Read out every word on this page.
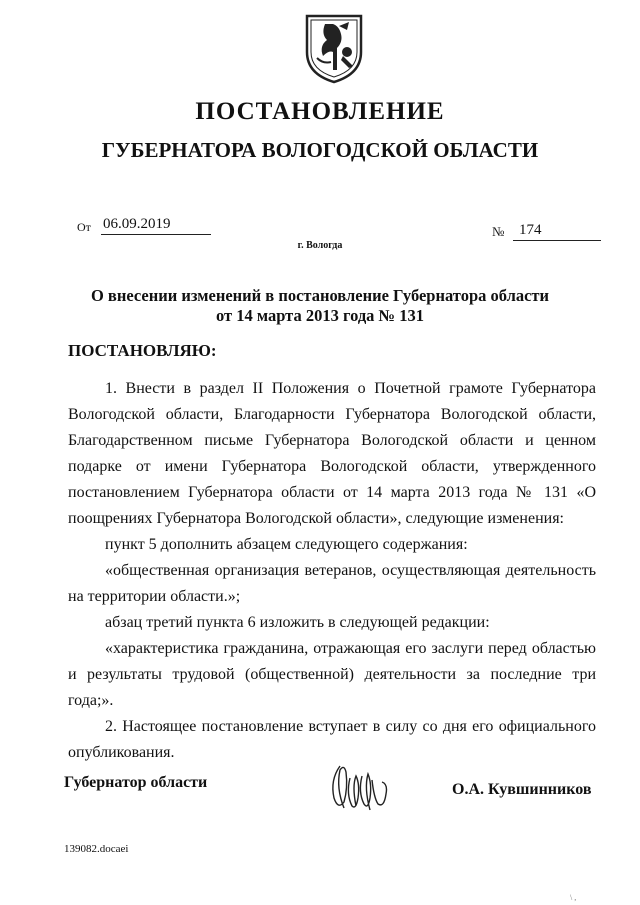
ПОСТАНОВЛЕНИЕ
ГУБЕРНАТОРА ВОЛОГОДСКОЙ ОБЛАСТИ
От 06.09.2019	№ 174
г. Вологда
О внесении изменений в постановление Губернатора области
от 14 марта 2013 года № 131
ПОСТАНОВЛЯЮ:

1. Внести в раздел II Положения о Почетной грамоте Губернатора Вологодской области, Благодарности Губернатора Вологодской области, Благодарственном письме Губернатора Вологодской области и ценном подарке от имени Губернатора Вологодской области, утвержденного постановлением Губернатора области от 14 марта 2013 года № 131 «О поощрениях Губернатора Вологодской области», следующие изменения:

пункт 5 дополнить абзацем следующего содержания:

«общественная организация ветеранов, осуществляющая деятельность на территории области.»;

абзац третий пункта 6 изложить в следующей редакции:

«характеристика гражданина, отражающая его заслуги перед областью и результаты трудовой (общественной) деятельности за последние три года;».

2. Настоящее постановление вступает в силу со дня его официального опубликования.

Губернатор области	О.А. Кувшинников
139082.docaei
\ ,
